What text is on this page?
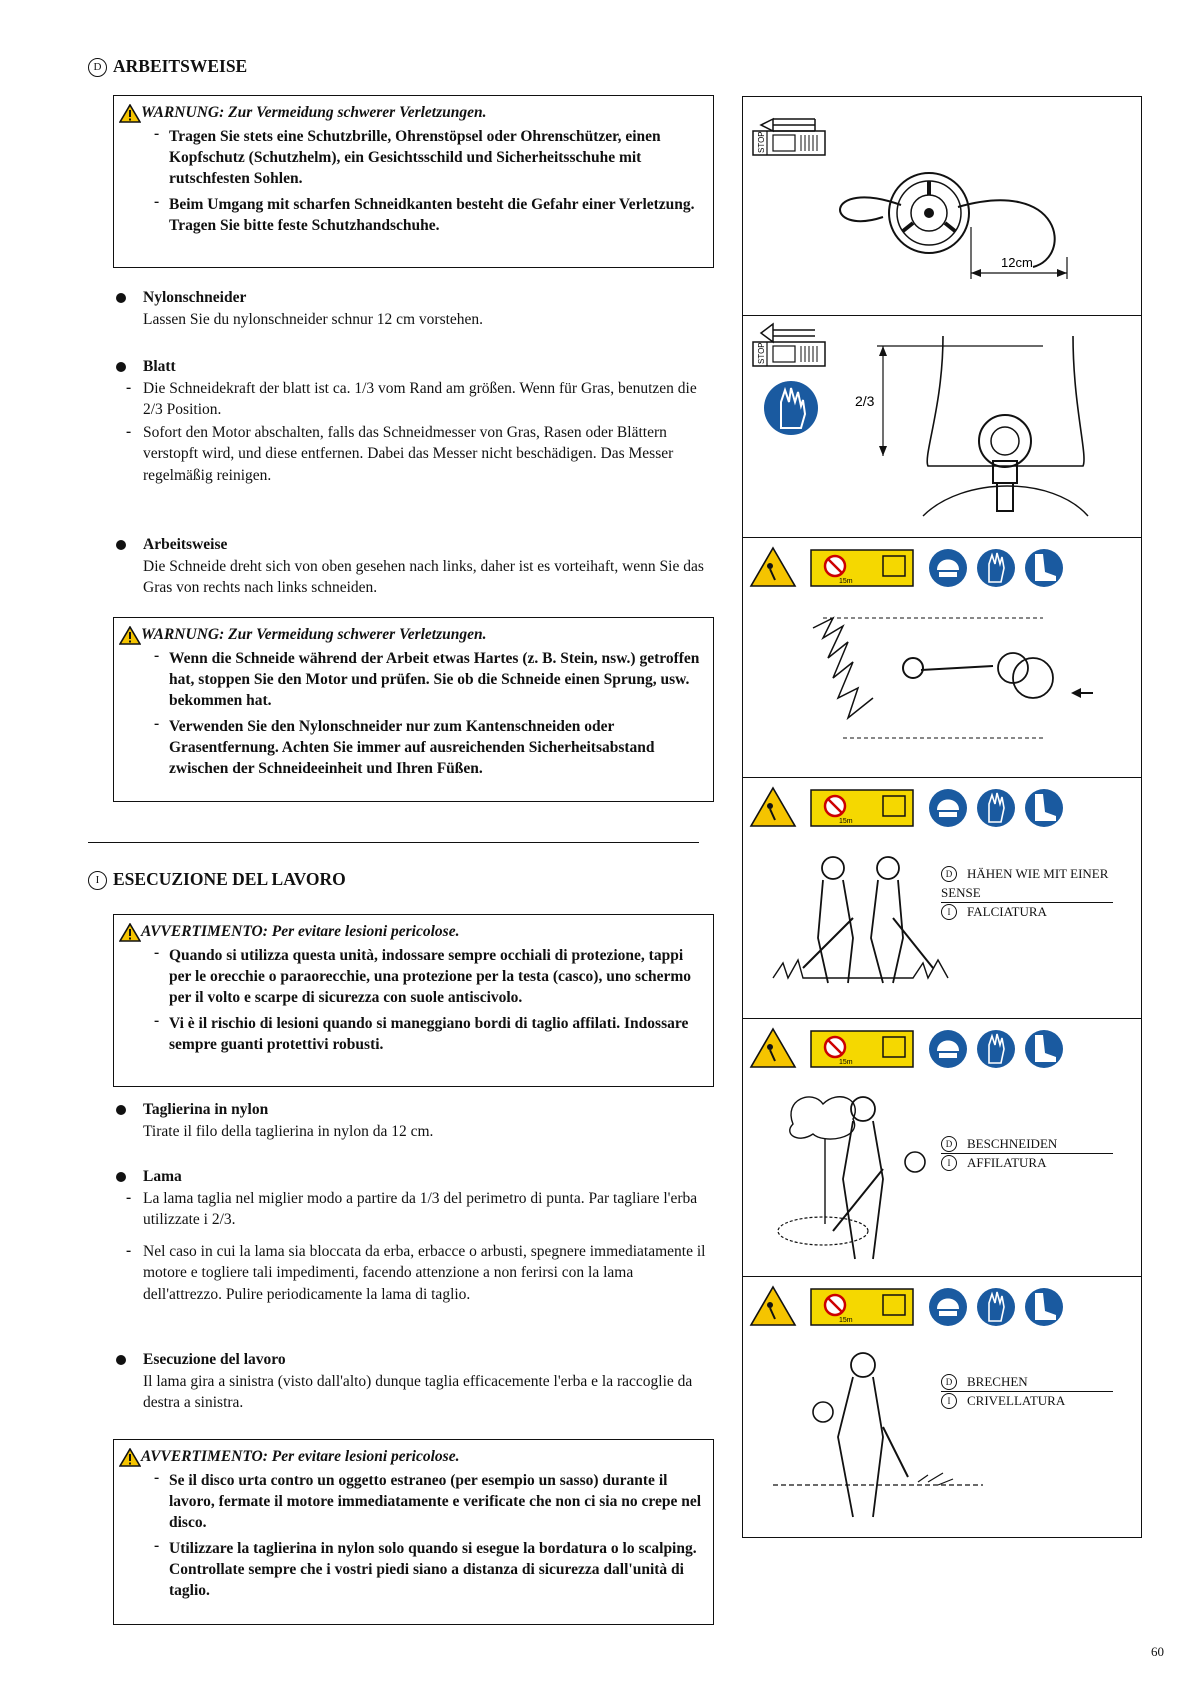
D ARBEITSWEISE
WARNUNG: Zur Vermeidung schwerer Verletzungen.
- Tragen Sie stets eine Schutzbrille, Ohrenstöpsel oder Ohrenschützer, einen Kopfschutz (Schutzhelm), ein Gesichtsschild und Sicherheitsschuhe mit rutschfesten Sohlen.
- Beim Umgang mit scharfen Schneidkanten besteht die Gefahr einer Verletzung. Tragen Sie bitte feste Schutzhandschuhe.
Nylonschneider
Lassen Sie du nylonschneider schnur 12 cm vorstehen.
Blatt
- Die Schneidekraft der blatt ist ca. 1/3 vom Rand am größen. Wenn für Gras, benutzen die 2/3 Position.
- Sofort den Motor abschalten, falls das Schneidmesser von Gras, Rasen oder Blättern verstopft wird, und diese entfernen. Dabei das Messer nicht beschädigen. Das Messer regelmäßig reinigen.
Arbeitsweise
Die Schneide dreht sich von oben gesehen nach links, daher ist es vorteihaft, wenn Sie das Gras von rechts nach links schneiden.
WARNUNG: Zur Vermeidung schwerer Verletzungen.
- Wenn die Schneide während der Arbeit etwas Hartes (z. B. Stein, nsw.) getroffen hat, stoppen Sie den Motor und prüfen. Sie ob die Schneide einen Sprung, usw. bekommen hat.
- Verwenden Sie den Nylonschneider nur zum Kantenschneiden oder Grasentfernung. Achten Sie immer auf ausreichenden Sicherheitsabstand zwischen der Schneideeinheit und Ihren Füßen.
I ESECUZIONE DEL LAVORO
AVVERTIMENTO: Per evitare lesioni pericolose.
- Quando si utilizza questa unità, indossare sempre occhiali di protezione, tappi per le orecchie o paraorecchie, una protezione per la testa (casco), uno schermo per il volto e scarpe di sicurezza con suole antiscivolo.
- Vi è il rischio di lesioni quando si maneggiano bordi di taglio affilati. Indossare sempre guanti protettivi robusti.
Taglierina in nylon
Tirate il filo della taglierina in nylon da 12 cm.
Lama
- La lama taglia nel miglier modo a partire da 1/3 del perimetro di punta. Par tagliare l'erba utilizzate i 2/3.
- Nel caso in cui la lama sia bloccata da erba, erbacce o arbusti, spegnere immediatamente il motore e togliere tali impedimenti, facendo attenzione a non ferirsi con la lama dell'attrezzo. Pulire periodicamente la lama di taglio.
Esecuzione del lavoro
Il lama gira a sinistra (visto dall'alto) dunque taglia efficacemente l'erba e la raccoglie da destra a sinistra.
AVVERTIMENTO: Per evitare lesioni pericolose.
- Se il disco urta contro un oggetto estraneo (per esempio un sasso) durante il lavoro, fermate il motore immediatamente e verificate che non ci sia no crepe nel disco.
- Utilizzare la taglierina in nylon solo quando si esegue la bordatura o lo scalping. Controllate sempre che i vostri piedi siano a distanza di sicurezza dall'unità di taglio.
STOP
12cm
STOP
2/3
15m
15m
D HÄHEN WIE MIT EINER SENSE
I FALCIATURA
15m
D BESCHNEIDEN
I AFFILATURA
15m
D BRECHEN
I CRIVELLATURA
60
